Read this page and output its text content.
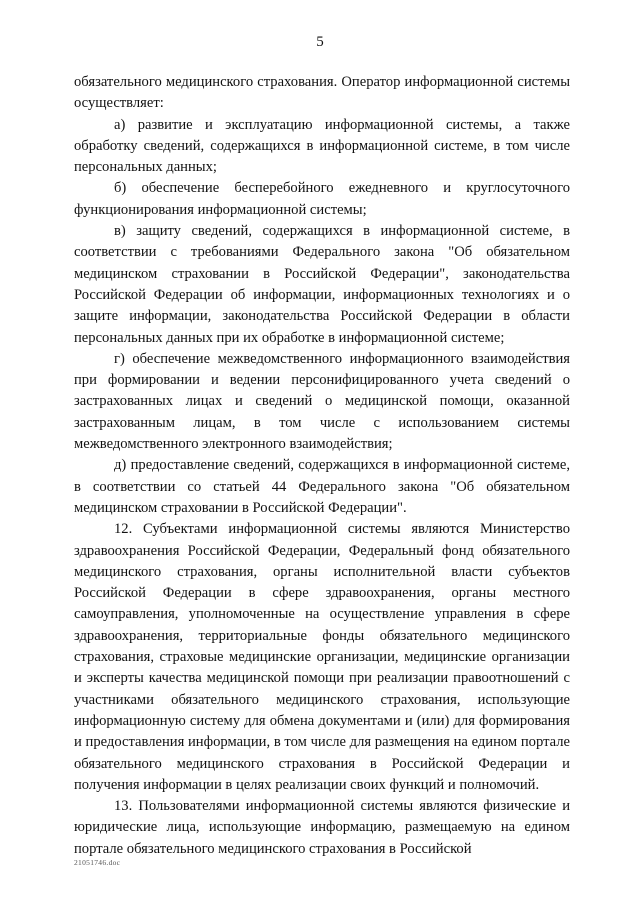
5

обязательного медицинского страхования. Оператор информационной системы осуществляет:

а) развитие и эксплуатацию информационной системы, а также обработку сведений, содержащихся в информационной системе, в том числе персональных данных;

б) обеспечение бесперебойного ежедневного и круглосуточного функционирования информационной системы;

в) защиту сведений, содержащихся в информационной системе, в соответствии с требованиями Федерального закона "Об обязательном медицинском страховании в Российской Федерации", законодательства Российской Федерации об информации, информационных технологиях и о защите информации, законодательства Российской Федерации в области персональных данных при их обработке в информационной системе;

г) обеспечение межведомственного информационного взаимодействия при формировании и ведении персонифицированного учета сведений о застрахованных лицах и сведений о медицинской помощи, оказанной застрахованным лицам, в том числе с использованием системы межведомственного электронного взаимодействия;

д) предоставление сведений, содержащихся в информационной системе, в соответствии со статьей 44 Федерального закона "Об обязательном медицинском страховании в Российской Федерации".

12. Субъектами информационной системы являются Министерство здравоохранения Российской Федерации, Федеральный фонд обязательного медицинского страхования, органы исполнительной власти субъектов Российской Федерации в сфере здравоохранения, органы местного самоуправления, уполномоченные на осуществление управления в сфере здравоохранения, территориальные фонды обязательного медицинского страхования, страховые медицинские организации, медицинские организации и эксперты качества медицинской помощи при реализации правоотношений с участниками обязательного медицинского страхования, использующие информационную систему для обмена документами и (или) для формирования и предоставления информации, в том числе для размещения на едином портале обязательного медицинского страхования в Российской Федерации и получения информации в целях реализации своих функций и полномочий.

13. Пользователями информационной системы являются физические и юридические лица, использующие информацию, размещаемую на едином портале обязательного медицинского страхования в Российской

21051746.doc
